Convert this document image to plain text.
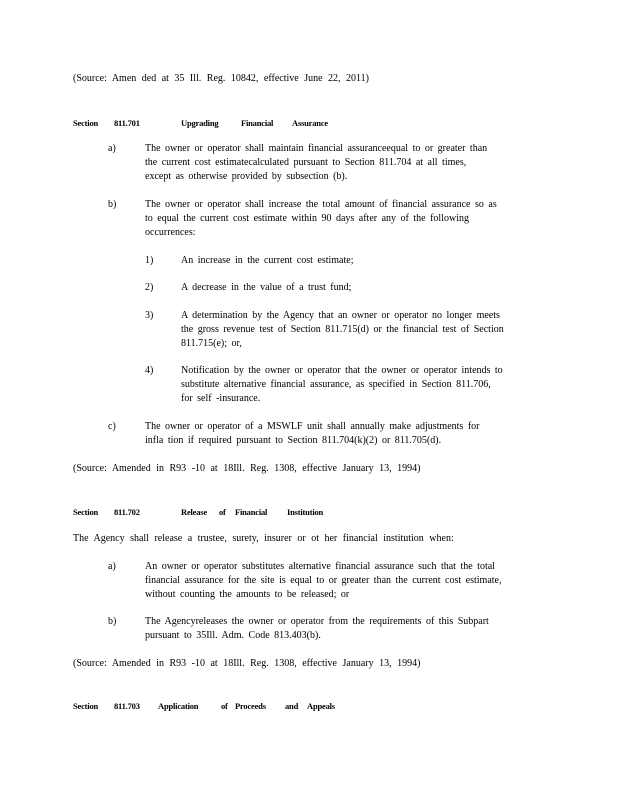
(Source: Amen ded at 35 Ill. Reg. 10842, effective June 22, 2011)
Section 811.701	Upgrading	Financial Assurance
a)	The owner or operator shall maintain financial assuranceequal to or greater than
the current cost estimatecalculated pursuant to Section 811.704 at all times,
except as otherwise provided by subsection (b).
b)	The owner or operator shall increase the total amount of financial assurance so as
to equal the current cost estimate within 90 days after any of the following
occurrences:
1)	An increase in the current cost estimate;
2)	A decrease in the value of a trust fund;
3)	A determination by the Agency that an owner or operator no longer meets
the gross revenue test of Section 811.715(d) or the financial test of Section
811.715(e); or,
4)	Notification by the owner or operator that the owner or operator intends to
substitute alternative financial assurance, as specified in Section 811.706,
for self -insurance.
c)	The owner or operator of a MSWLF unit shall annually make adjustments for
infla tion if required pursuant to Section 811.704(k)(2) or 811.705(d).
(Source: Amended in R93 -10 at 18Ill. Reg. 1308, effective January 13, 1994)
Section 811.702	Release of Financial Institution
The Agency shall release a trustee, surety, insurer or ot her financial institution when:
a)	An owner or operator substitutes alternative financial assurance such that the total
financial assurance for the site is equal to or greater than the current cost estimate,
without counting the amounts to be released; or
b)	The Agencyreleases the owner or operator from the requirements of this Subpart
pursuant to 35Ill. Adm. Code 813.403(b).
(Source: Amended in R93 -10 at 18Ill. Reg. 1308, effective January 13, 1994)
Section 811.703 Application	of Proceeds and Appeals
